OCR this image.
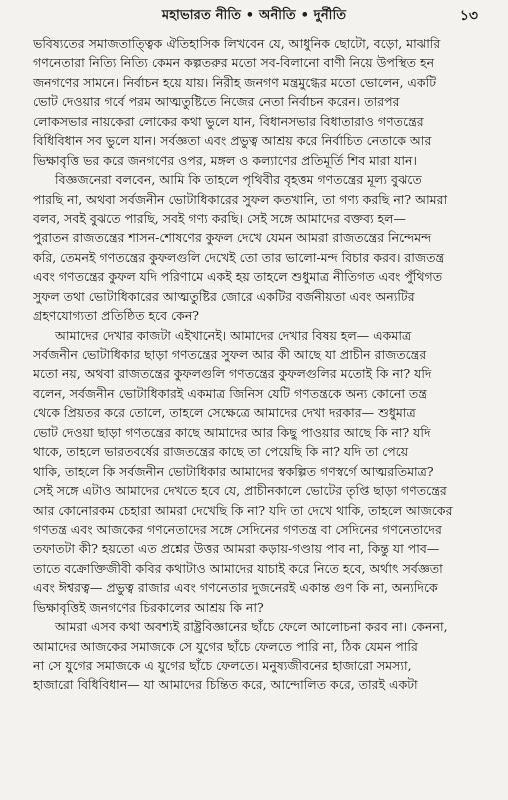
মহাভারত নীতি • অনীতি • দুর্নীতি	১৩
ভবিষ্যতের সমাজতাত্ত্বিক ঐতিহাসিক লিখবেন যে, আধুনিক ছোটো, বড়ো, মাঝারি
গণনেতারা নিত্যি নিত্যি কেমন কল্পতরুর মতো সব-বিলানো বাণী নিয়ে উপস্থিত হন
জনগণের সামনে। নির্বাচন হয়ে যায়। নিরীহ জনগণ মন্ত্রমুগ্ধের মতো ভোলেন, একটি
ভোট দেওয়ার গর্বে পরম আত্মতুষ্টিতে নিজের নেতা নির্বাচন করেন। তারপর
লোকসভার নায়কেরা লোকের কথা ভুলে যান, বিধানসভার বিধাতারাও গণতন্ত্রের
বিধিবিধান সব ভুলে যান। সর্বজ্ঞতা এবং প্রভুত্ব আশ্রয় করে নির্বাচিত নেতাকে আর
ভিক্ষাবৃত্তি ভর করে জনগণের ওপর, মঙ্গল ও কল্যাণের প্রতিমূর্তি শিব মারা যান।
বিজ্ঞজনেরা বলবেন, আমি কি তাহলে পৃথিবীর বৃহত্তম গণতন্ত্রের মূল্য বুঝতে
পারছি না, অথবা সর্বজনীন ভোটাধিকারের সুফল কতখানি, তা গণ্য করছি না? আমরা
বলব, সবই বুঝতে পারছি, সবই গণ্য করছি। সেই সঙ্গে আমাদের বক্তব্য হল—
পুরাতন রাজতন্ত্রের শাসন-শোষণের কুফল দেখে যেমন আমরা রাজতন্ত্রের নিন্দেমন্দ
করি, তেমনই গণতন্ত্রের কুফলগুলি দেখেই তো তার ভালো-মন্দ বিচার করব। রাজতন্ত্র
এবং গণতন্ত্রের কুফল যদি পরিণামে একই হয় তাহলে শুধুমাত্র নীতিগত এবং পুঁথিগত
সুফল তথা ভোটাধিকারের আত্মতুষ্টির জোরে একটির বর্জনীয়তা এবং অন্যটির
গ্রহণযোগ্যতা প্রতিষ্ঠিত হবে কেন?
আমাদের দেখার কাজটা এইখানেই। আমাদের দেখার বিষয় হল— একমাত্র
সর্বজনীন ভোটাধিকার ছাড়া গণতন্ত্রের সুফল আর কী আছে যা প্রাচীন রাজতন্ত্রের
মতো নয়, অথবা রাজতন্ত্রের কুফলগুলি গণতন্ত্রের কুফলগুলির মতোই কি না? যদি
বলেন, সর্বজনীন ভোটাধিকারই একমাত্র জিনিস যেটি গণতন্ত্রকে অন্য কোনো তন্ত্র
থেকে প্রিয়তর করে তোলে, তাহলে সেক্ষেত্রে আমাদের দেখা দরকার— শুধুমাত্র
ভোট দেওয়া ছাড়া গণতন্ত্রের কাছে আমাদের আর কিছু পাওয়ার আছে কি না? যদি
থাকে, তাহলে ভারতবর্ষের রাজতন্ত্রের কাছে তা পেয়েছি কি না? যদি তা পেয়ে
থাকি, তাহলে কি সর্বজনীন ভোটাধিকার আমাদের স্বকল্পিত গণস্বর্গে আত্মরতিমাত্র?
সেই সঙ্গে এটাও আমাদের দেখতে হবে যে, প্রাচীনকালে ভোটের তৃপ্তি ছাড়া গণতন্ত্রের
আর কোনোরকম চেহারা আমরা দেখেছি কি না? যদি তা দেখে থাকি, তাহলে আজকের
গণতন্ত্র এবং আজকের গণনেতাদের সঙ্গে সেদিনের গণতন্ত্র বা সেদিনের গণনেতাদের
তফাতটা কী? হয়তো এত প্রশ্নের উত্তর আমরা কড়ায়-গণ্ডায় পাব না, কিন্তু যা পাব—
তাতে বক্রোক্তিজীবী কবির কথাটাও আমাদের যাচাই করে নিতে হবে, অর্থাৎ সর্বজ্ঞতা
এবং ঈশ্বরত্ব— প্রভুত্ব রাজার এবং গণনেতার দুজনেরই একান্ত গুণ কি না, অন্যদিকে
ভিক্ষাবৃত্তিই জনগণের চিরকালের আশ্রয় কি না?
আমরা এসব কথা অবশ্যই রাষ্ট্রবিজ্ঞানের ছাঁচে ফেলে আলোচনা করব না। কেননা,
আমাদের আজকের সমাজকে সে যুগের ছাঁচে ফেলতে পারি না, ঠিক যেমন পারি
না সে যুগের সমাজকে এ যুগের ছাঁচে ফেলতে। মনুষ্যজীবনের হাজারো সমস্যা,
হাজারো বিধিবিধান— যা আমাদের চিন্তিত করে, আন্দোলিত করে, তারই একটা
